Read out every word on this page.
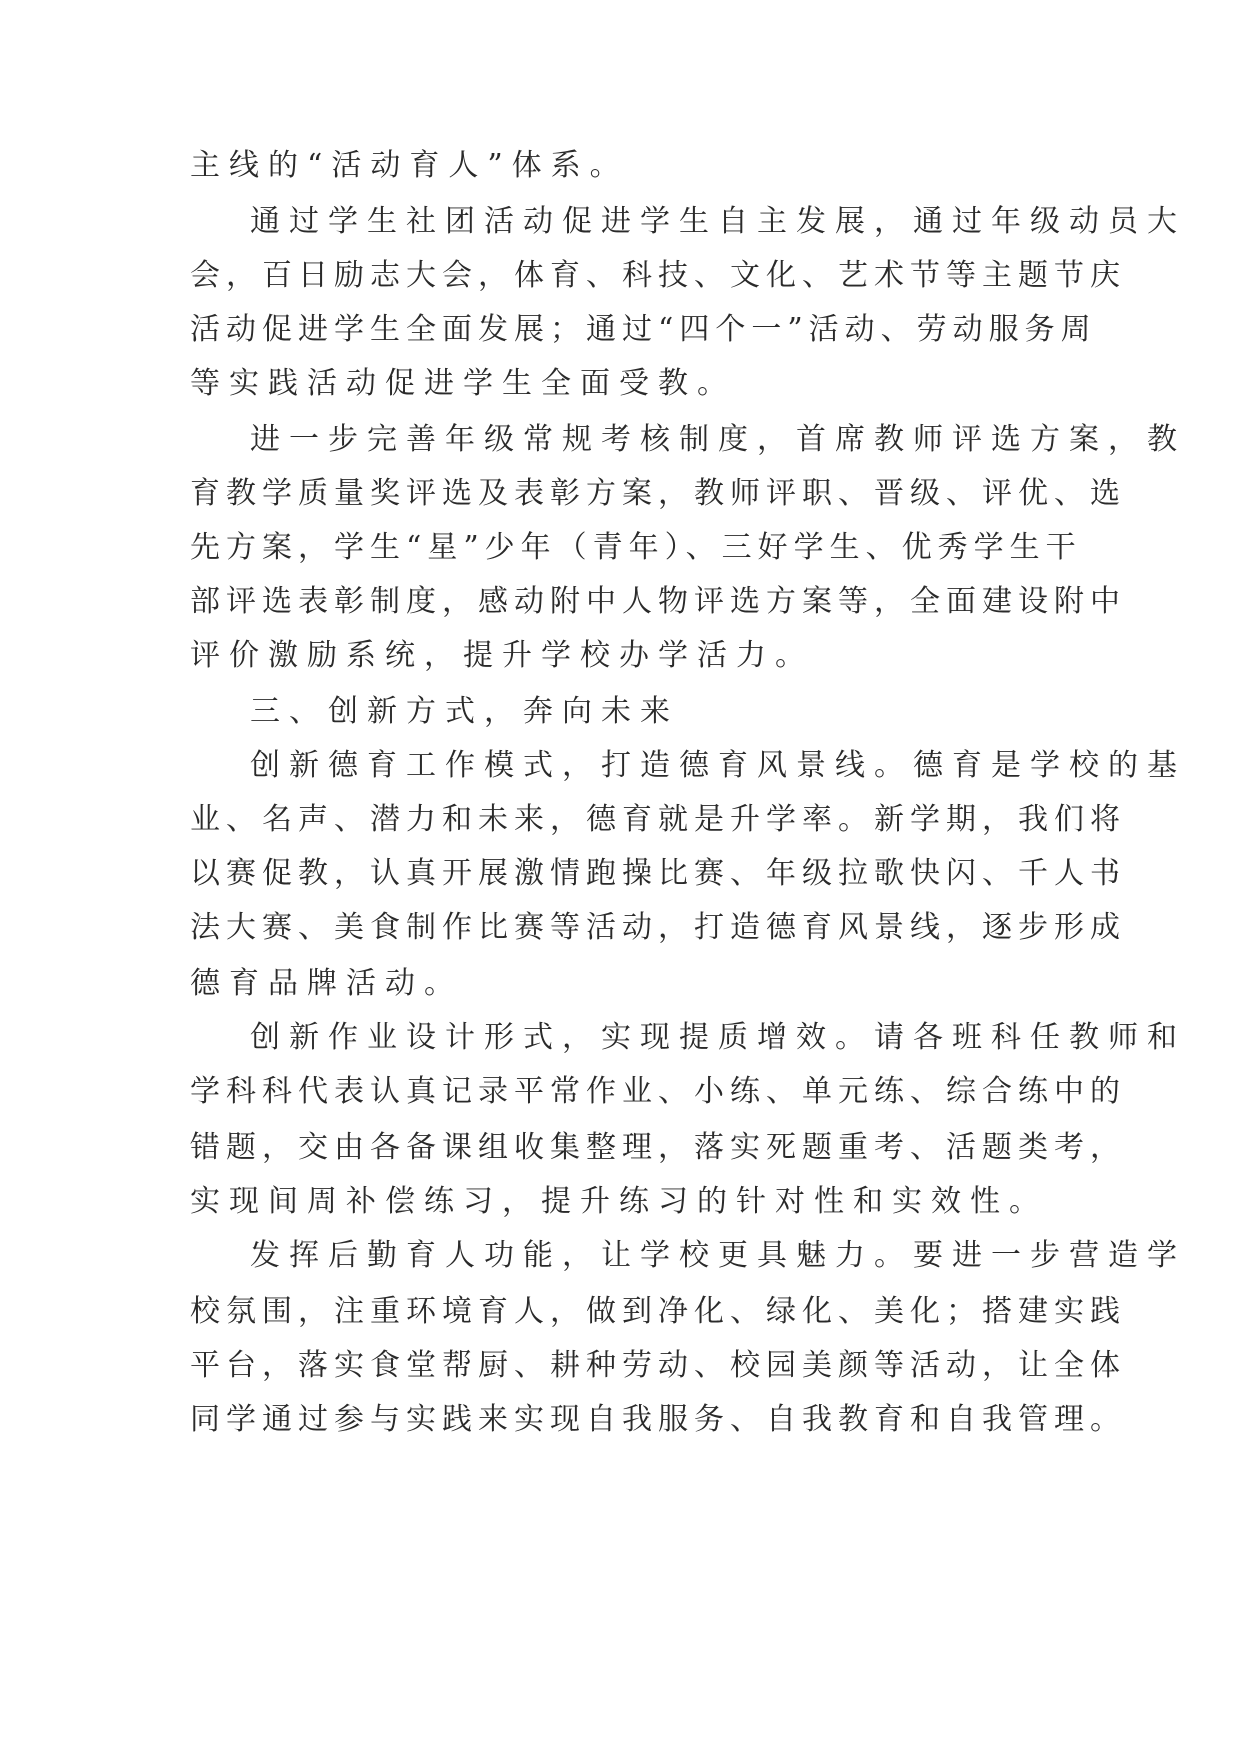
主线的“活动育人”体系。
通过学生社团活动促进学生自主发展，通过年级动员大
会，百日励志大会，体育、科技、文化、艺术节等主题节庆
活动促进学生全面发展；通过“四个一”活动、劳动服务周
等实践活动促进学生全面受教。
进一步完善年级常规考核制度，首席教师评选方案，教
育教学质量奖评选及表彰方案，教师评职、晋级、评优、选
先方案，学生“星”少年（青年）、三好学生、优秀学生干
部评选表彰制度，感动附中人物评选方案等，全面建设附中
评价激励系统，提升学校办学活力。
三、创新方式，奔向未来
创新德育工作模式，打造德育风景线。德育是学校的基
业、名声、潜力和未来，德育就是升学率。新学期，我们将
以赛促教，认真开展激情跑操比赛、年级拉歌快闪、千人书
法大赛、美食制作比赛等活动，打造德育风景线，逐步形成
德育品牌活动。
创新作业设计形式，实现提质增效。请各班科任教师和
学科科代表认真记录平常作业、小练、单元练、综合练中的
错题，交由各备课组收集整理，落实死题重考、活题类考，
实现间周补偿练习，提升练习的针对性和实效性。
发挥后勤育人功能，让学校更具魅力。要进一步营造学
校氛围，注重环境育人，做到净化、绿化、美化；搭建实践
平台，落实食堂帮厨、耕种劳动、校园美颜等活动，让全体
同学通过参与实践来实现自我服务、自我教育和自我管理。
